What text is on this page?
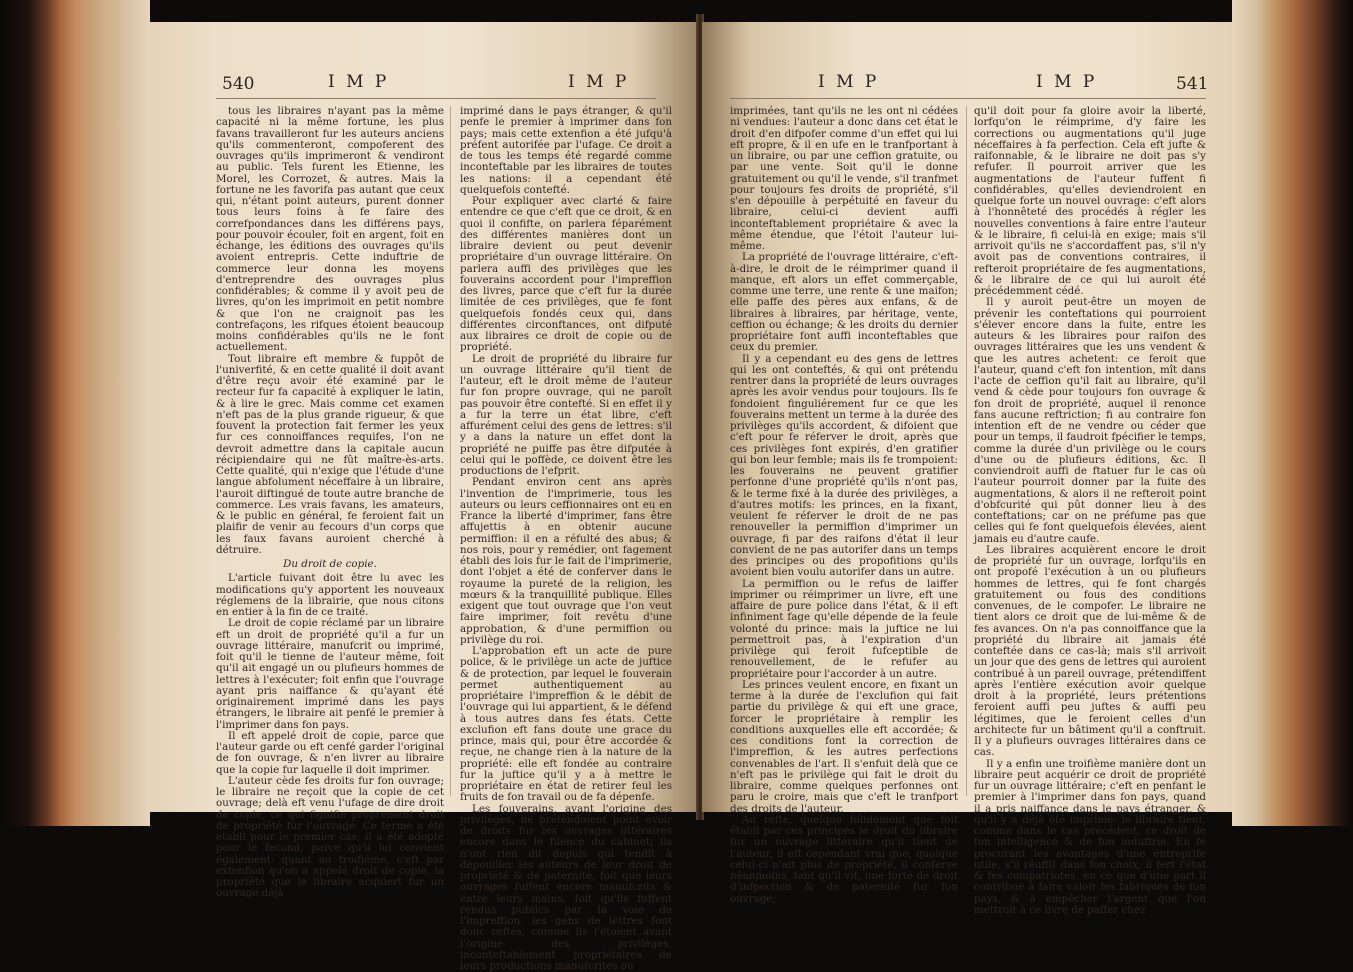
540	I M P	I M P

tous les libraires n'ayant pas la même capacité ni la même fortune, les plus favans travailleront fur les auteurs anciens qu'ils commenteront, compoferent des ouvrages qu'ils imprimeront & vendiront au public. Tels furent les Etienne, les Morel, les Corrozet, & autres. Mais la fortune ne les favorifa pas autant que ceux qui, n'étant point auteurs, purent donner tous leurs foins à fe faire des correfpondances dans les différens pays, pour pouvoir écouler, foit en argent, foit en échange, les éditions des ouvrages qu'ils avoient entrepris. Cette induftrie de commerce leur donna les moyens d'entreprendre des ouvrages plus confidérables; & comme il y avoit peu de livres, qu'on les imprimoit en petit nombre & que l'on ne craignoit pas les contrefaçons, les rifques étoient beaucoup moins confidérables qu'ils ne le font actuellement.

Tout libraire eft membre & fuppôt de l'univerfité, & en cette qualité il doit avant d'être reçu avoir été examiné par le recteur fur fa capacité à expliquer le latin, & à lire le grec. Mais comme cet examen n'eft pas de la plus grande rigueur, & que fouvent la protection fait fermer les yeux fur ces connoiffances requifes, l'on ne devroit admettre dans la capitale aucun récipiendaire qui ne fût maître-ès-arts. Cette qualité, qui n'exige que l'étude d'une langue abfolument néceffaire à un libraire, l'auroit diftingué de toute autre branche de commerce. Les vrais favans, les amateurs, & le public en général, fe feroient fait un plaifir de venir au fecours d'un corps que les faux favans auroient cherché à détruire.

Du droit de copie.

L'article fuivant doit être lu avec les modifications qu'y apportent les nouveaux réglemens de la librairie, que nous citons en entier à la fin de ce traité.

Le droit de copie réclamé par un libraire eft un droit de propriété qu'il a fur un ouvrage littéraire, manufcrit ou imprimé, foit qu'il le tienne de l'auteur même, foit qu'il ait engagé un ou plufieurs hommes de lettres à l'exécuter; foit enfin que l'ouvrage ayant pris naiffance & qu'ayant été originairement imprimé dans les pays étrangers, le libraire ait penfé le premier à l'imprimer dans fon pays.

Il eft appelé droit de copie, parce que l'auteur garde ou eft cenfé garder l'original de fon ouvrage, & n'en livrer au libraire que la copie fur laquelle il doit imprimer.

L'auteur cède fes droits fur fon ouvrage; le libraire ne reçoit que la copie de cet ouvrage; delà eft venu l'ufage de dire droit de copie, ce qui fignifie proprement droit de propriété fur l'ouvrage. Ce terme a été établi pour le premier cas; il a été adopté pour le fecond, parce qu'il lui convient également: quant au troifième, c'eft par extenfion qu'on a appelé droit de copie, la propriété que le libraire acquiert fur un ouvrage déjà

imprimé dans le pays étranger, & qu'il penfe le premier à imprimer dans fon pays; mais cette extenfion a été jufqu'à préfent autorifée par l'ufage. Ce droit a de tous les temps été regardé comme inconteftable par les libraires de toutes les nations: il a cependant été quelquefois contefté.

Pour expliquer avec clarté & faire entendre ce que c'eft que ce droit, & en quoi il confifte, on parlera féparément des différentes manières dont un libraire devient ou peut devenir propriétaire d'un ouvrage littéraire. On parlera auffi des privilèges que les fouverains accordent pour l'impreffion des livres, parce que c'eft fur la durée limitée de ces privilèges, que fe font quelquefois fondés ceux qui, dans différentes circonftances, ont difputé aux libraires ce droit de copie ou de propriété.

Le droit de propriété du libraire fur un ouvrage littéraire qu'il tient de l'auteur, eft le droit même de l'auteur fur fon propre ouvrage, qui ne paroît pas pouvoir être contefté. Si en effet il y a fur la terre un état libre, c'eft affurément celui des gens de lettres: s'il y a dans la nature un effet dont la propriété ne puiffe pas être difputée à celui qui le poffède, ce doivent être les productions de l'efprit.

Pendant environ cent ans après l'invention de l'imprimerie, tous les auteurs ou leurs ceffionnaires ont eu en France la liberté d'imprimer, fans être affujettis à en obtenir aucune permiffion: il en a réfulté des abus; & nos rois, pour y remédier, ont fagement établi des lois fur le fait de l'imprimerie, dont l'objet a été de conferver dans le royaume la pureté de la religion, les mœurs & la tranquillité publique. Elles exigent que tout ouvrage que l'on veut faire imprimer, foit revêtu d'une approbation, & d'une permiffion ou privilège du roi.

L'approbation eft un acte de pure police, & le privilège un acte de juftice & de protection, par lequel le fouverain permet authentiquement au propriétaire l'impreffion & le débit de l'ouvrage qui lui appartient, & le défend à tous autres dans fes états. Cette exclufion eft fans doute une grace du prince, mais qui, pour être accordée & reçue, ne change rien à la nature de la propriété: elle eft fondée au contraire fur la juftice qu'il y a à mettre le propriétaire en état de retirer feul les fruits de fon travail ou de fa dépenfe.

Les fouverains, avant l'origine des privilèges, ne prétendoient point avoir de droits fur les ouvrages littéraires encore dans le filence du cabinet; ils n'ont rien dit depuis qui tendît à dépouiller les auteurs de leur droit de propriété & de paternité, foit que leurs ouvrages fuffent encore manufcrits & entre leurs mains, foit qu'ils fuffent rendus publics par la voie de l'impreffion: les gens de lettres font donc reftés, comme ils l'étoient avant l'origine des privilèges, inconteftablement propriétaires de leurs productions manufcrites ou

I M P	I M P	541

imprimées, tant qu'ils ne les ont ni cédées ni vendues: l'auteur a donc dans cet état le droit d'en difpofer comme d'un effet qui lui eft propre, & il en ufe en le tranfportant à un libraire, ou par une ceffion gratuite, ou par une vente. Soit qu'il le donne gratuitement ou qu'il le vende, s'il tranfmet pour toujours fes droits de propriété, s'il s'en dépouille à perpétuité en faveur du libraire, celui-ci devient auffi inconteftablement propriétaire & avec la même étendue, que l'étoit l'auteur lui-même.

La propriété de l'ouvrage littéraire, c'eft-à-dire, le droit de le réimprimer quand il manque, eft alors un effet commerçable, comme une terre, une rente & une maifon; elle paffe des pères aux enfans, & de libraires à libraires, par héritage, vente, ceffion ou échange; & les droits du dernier propriétaire font auffi inconteftables que ceux du premier.

Il y a cependant eu des gens de lettres qui les ont conteftés, & qui ont prétendu rentrer dans la propriété de leurs ouvrages après les avoir vendus pour toujours. Ils fe fondoient finguliérement fur ce que les fouverains mettent un terme à la durée des privilèges qu'ils accordent, & difoient que c'eft pour fe réferver le droit, après que ces privilèges font expirés, d'en gratifier qui bon leur femble; mais ils fe trompoient: les fouverains ne peuvent gratifier perfonne d'une propriété qu'ils n'ont pas, & le terme fixé à la durée des privilèges, a d'autres motifs: les princes, en la fixant, veulent fe réferver le droit de ne pas renouveller la permiffion d'imprimer un ouvrage, fi par des raifons d'état il leur convient de ne pas autorifer dans un temps des principes ou des propofitions qu'ils avoient bien voulu autorifer dans un autre.

La permiffion ou le refus de laiffer imprimer ou réimprimer un livre, eft une affaire de pure police dans l'état, & il eft infiniment fage qu'elle dépende de la feule volonté du prince: mais la juftice ne lui permettroit pas, à l'expiration d'un privilège qui feroit fufceptible de renouvellement, de le refufer au propriétaire pour l'accorder à un autre.

Les princes veulent encore, en fixant un terme à la durée de l'exclufion qui fait partie du privilège & qui eft une grace, forcer le propriétaire à remplir les conditions auxquelles elle eft accordée; & ces conditions font la correction de l'impreffion, & les autres perfections convenables de l'art. Il s'enfuit delà que ce n'eft pas le privilège qui fait le droit du libraire, comme quelques perfonnes ont paru le croire, mais que c'eft le tranfport des droits de l'auteur.

Au refte, quelque folidement que foit établi par ces principes le droit du libraire fur un ouvrage littéraire qu'il tient de l'auteur, il eft cependant vrai que, quoique celui-ci n'ait plus de propriété, il conferve néanmoins, tant qu'il vit, une forte de droit d'infpection & de paternité fur fon ouvrage;

qu'il doit pour fa gloire avoir la liberté, lorfqu'on le réimprime, d'y faire les corrections ou augmentations qu'il juge néceffaires à fa perfection. Cela eft jufte & raifonnable, & le libraire ne doit pas s'y refufer. Il pourroit arriver que les augmentations de l'auteur fuffent fi confidérables, qu'elles deviendroient en quelque forte un nouvel ouvrage: c'eft alors à l'honnêteté des procédés à régler les nouvelles conventions à faire entre l'auteur & le libraire, fi celui-là en exige; mais s'il arrivoit qu'ils ne s'accordaffent pas, s'il n'y avoit pas de conventions contraires, il refteroit propriétaire de fes augmentations, & le libraire de ce qui lui auroit été précédemment cédé.

Il y auroit peut-être un moyen de prévenir les conteftations qui pourroient s'élever encore dans la fuite, entre les auteurs & les libraires pour raifon des ouvrages littéraires que les uns vendent & que les autres achetent: ce feroit que l'auteur, quand c'eft fon intention, mît dans l'acte de ceffion qu'il fait au libraire, qu'il vend & cède pour toujours fon ouvrage & fon droit de propriété, auquel il renonce fans aucune reftriction; fi au contraire fon intention eft de ne vendre ou céder que pour un temps, il faudroit fpécifier le temps, comme la durée d'un privilège ou le cours d'une ou de plufieurs éditions, &c. Il conviendroit auffi de ftatuer fur le cas où l'auteur pourroit donner par la fuite des augmentations, & alors il ne refteroit point d'obfcurité qui pût donner lieu à des conteftations; car on ne préfume pas que celles qui fe font quelquefois élevées, aient jamais eu d'autre caufe.

Les libraires acquièrent encore le droit de propriété fur un ouvrage, lorfqu'ils en ont propofé l'exécution à un ou plufieurs hommes de lettres, qui fe font chargés gratuitement ou fous des conditions convenues, de le compofer. Le libraire ne tient alors ce droit que de lui-même & de fes avances. On n'a pas connoiffance que la propriété du libraire ait jamais été conteftée dans ce cas-là; mais s'il arrivoit un jour que des gens de lettres qui auroient contribué à un pareil ouvrage, prétendiffent après l'entière exécution avoir quelque droit à la propriété, leurs prétentions feroient auffi peu juftes & auffi peu légitimes, que le feroient celles d'un architecte fur un bâtiment qu'il a conftruit. Il y a plufieurs ouvrages littéraires dans ce cas.

Il y a enfin une troifième manière dont un libraire peut acquérir ce droit de propriété fur un ouvrage littéraire; c'eft en penfant le premier à l'imprimer dans fon pays, quand il a pris naiffance dans le pays étranger, & qu'il y a déjà été imprimé: le libraire tient, comme dans le cas précédent, ce droit de fon intelligence & de fon induftrie. En fe procurant les avantages d'une entreprife utile, s'il réuffit dans fon choix, il fert l'état & fes compatriotes, en ce que d'une part il contribue à faire valoir les fabriques de fon pays, & à empêcher l'argent que l'on mettroit à ce livre de paffer chez
